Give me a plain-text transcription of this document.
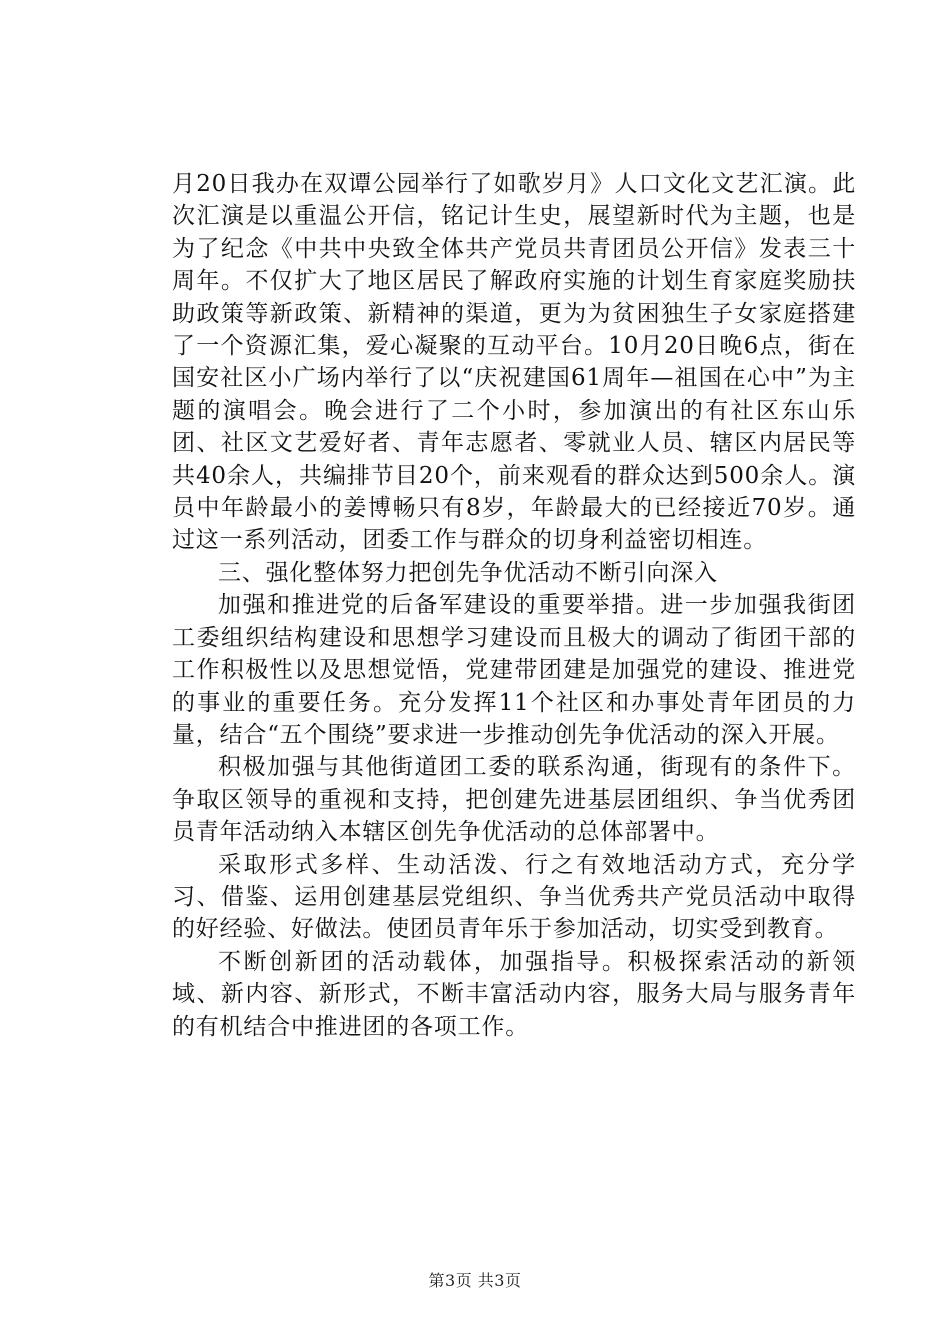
月20日我办在双谭公园举行了如歌岁月》人口文化文艺汇演。此次汇演是以重温公开信，铭记计生史，展望新时代为主题，也是为了纪念《中共中央致全体共产党员共青团员公开信》发表三十周年。不仅扩大了地区居民了解政府实施的计划生育家庭奖励扶助政策等新政策、新精神的渠道，更为为贫困独生子女家庭搭建了一个资源汇集，爱心凝聚的互动平台。10月20日晚6点，街在国安社区小广场内举行了以“庆祝建国61周年—祖国在心中”为主题的演唱会。晚会进行了二个小时，参加演出的有社区东山乐团、社区文艺爱好者、青年志愿者、零就业人员、辖区内居民等共40余人，共编排节目20个，前来观看的群众达到500余人。演员中年龄最小的姜博畅只有8岁，年龄最大的已经接近70岁。通过这一系列活动，团委工作与群众的切身利益密切相连。

三、强化整体努力把创先争优活动不断引向深入

加强和推进党的后备军建设的重要举措。进一步加强我街团工委组织结构建设和思想学习建设而且极大的调动了街团干部的工作积极性以及思想觉悟，党建带团建是加强党的建设、推进党的事业的重要任务。充分发挥11个社区和办事处青年团员的力量，结合“五个围绕”要求进一步推动创先争优活动的深入开展。

积极加强与其他街道团工委的联系沟通，街现有的条件下。争取区领导的重视和支持，把创建先进基层团组织、争当优秀团员青年活动纳入本辖区创先争优活动的总体部署中。

采取形式多样、生动活泼、行之有效地活动方式，充分学习、借鉴、运用创建基层党组织、争当优秀共产党员活动中取得的好经验、好做法。使团员青年乐于参加活动，切实受到教育。

不断创新团的活动载体，加强指导。积极探索活动的新领域、新内容、新形式，不断丰富活动内容，服务大局与服务青年的有机结合中推进团的各项工作。

第3页 共3页
